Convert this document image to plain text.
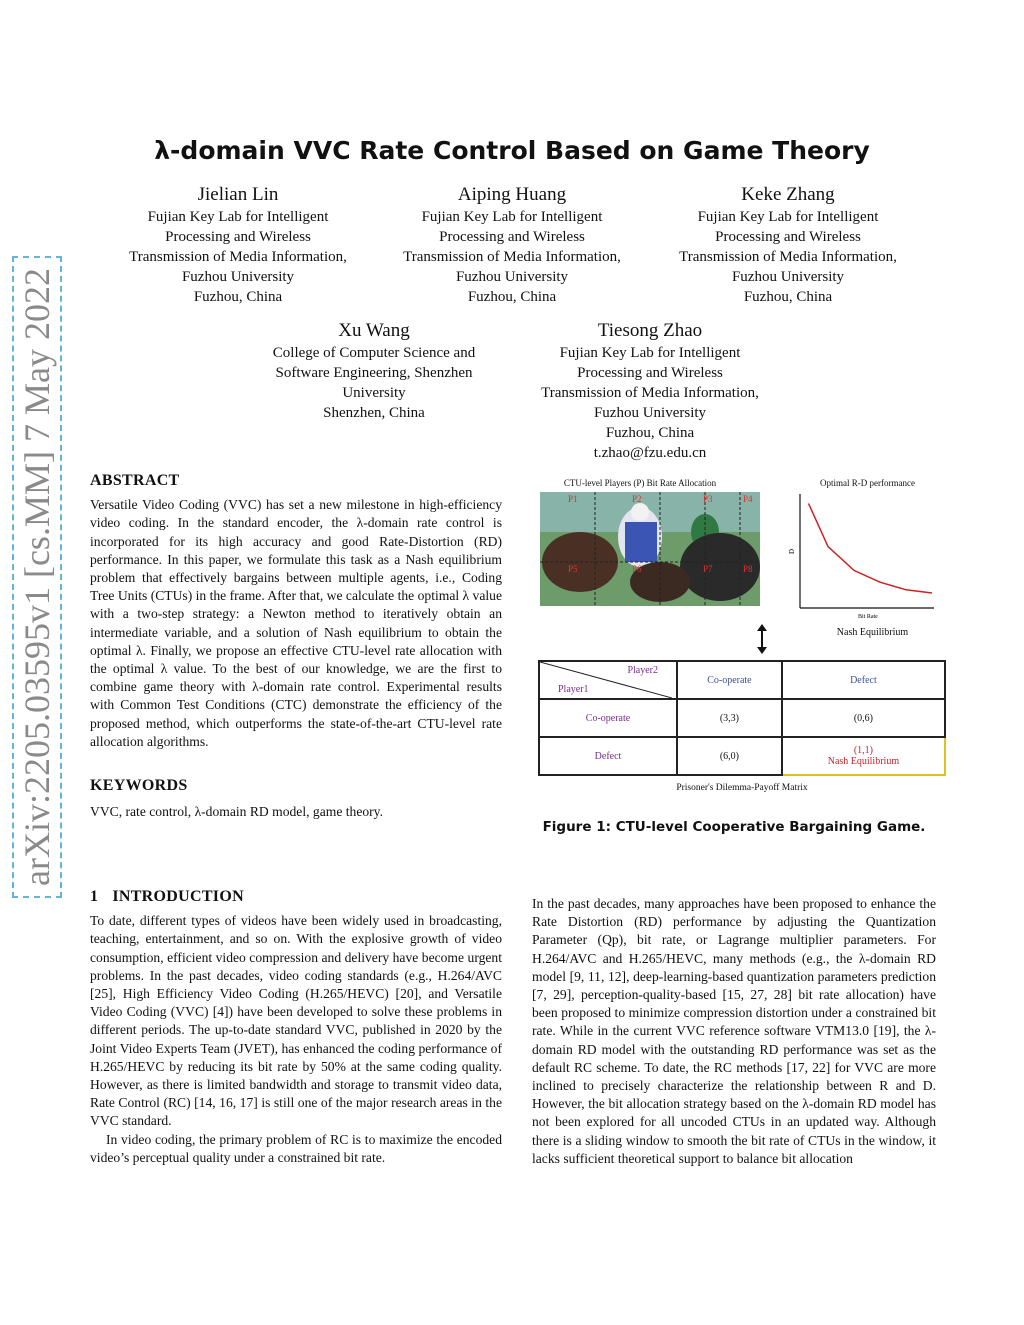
arXiv:2205.03595v1 [cs.MM] 7 May 2022
λ-domain VVC Rate Control Based on Game Theory
Jielian Lin
Fujian Key Lab for Intelligent
Processing and Wireless
Transmission of Media Information,
Fuzhou University
Fuzhou, China
Aiping Huang
Fujian Key Lab for Intelligent
Processing and Wireless
Transmission of Media Information,
Fuzhou University
Fuzhou, China
Keke Zhang
Fujian Key Lab for Intelligent
Processing and Wireless
Transmission of Media Information,
Fuzhou University
Fuzhou, China
Xu Wang
College of Computer Science and
Software Engineering, Shenzhen
University
Shenzhen, China
Tiesong Zhao
Fujian Key Lab for Intelligent
Processing and Wireless
Transmission of Media Information,
Fuzhou University
Fuzhou, China
t.zhao@fzu.edu.cn
ABSTRACT

Versatile Video Coding (VVC) has set a new milestone in high-efficiency video coding. In the standard encoder, the λ-domain rate control is incorporated for its high accuracy and good Rate-Distortion (RD) performance. In this paper, we formulate this task as a Nash equilibrium problem that effectively bargains between multiple agents, i.e., Coding Tree Units (CTUs) in the frame. After that, we calculate the optimal λ value with a two-step strategy: a Newton method to iteratively obtain an intermediate variable, and a solution of Nash equilibrium to obtain the optimal λ. Finally, we propose an effective CTU-level rate allocation with the optimal λ value. To the best of our knowledge, we are the first to combine game theory with λ-domain rate control. Experimental results with Common Test Conditions (CTC) demonstrate the efficiency of the proposed method, which outperforms the state-of-the-art CTU-level rate allocation algorithms.

KEYWORDS

VVC, rate control, λ-domain RD model, game theory.

CTU-level Players (P) Bit Rate Allocation
P1	P2	P3	P4
P5	P6	P7	P8
Optimal R-D performance
D
Bit Rate
Nash Equilibrium
Player2
Player1	Co-operate	Defect
Co-operate	(3,3)	(0,6)
Defect	(6,0)	(1,1)
Nash Equilibrium
Prisoner's Dilemma-Payoff Matrix
Figure 1: CTU-level Cooperative Bargaining Game.
1 INTRODUCTION

To date, different types of videos have been widely used in broadcasting, teaching, entertainment, and so on. With the explosive growth of video consumption, efficient video compression and delivery have become urgent problems. In the past decades, video coding standards (e.g., H.264/AVC [25], High Efficiency Video Coding (H.265/HEVC) [20], and Versatile Video Coding (VVC) [4]) have been developed to solve these problems in different periods. The up-to-date standard VVC, published in 2020 by the Joint Video Experts Team (JVET), has enhanced the coding performance of H.265/HEVC by reducing its bit rate by 50% at the same coding quality. However, as there is limited bandwidth and storage to transmit video data, Rate Control (RC) [14, 16, 17] is still one of the major research areas in the VVC standard.

In video coding, the primary problem of RC is to maximize the encoded video’s perceptual quality under a constrained bit rate.

In the past decades, many approaches have been proposed to enhance the Rate Distortion (RD) performance by adjusting the Quantization Parameter (Qp), bit rate, or Lagrange multiplier parameters. For H.264/AVC and H.265/HEVC, many methods (e.g., the λ-domain RD model [9, 11, 12], deep-learning-based quantization parameters prediction [7, 29], perception-quality-based [15, 27, 28] bit rate allocation) have been proposed to minimize compression distortion under a constrained bit rate. While in the current VVC reference software VTM13.0 [19], the λ-domain RD model with the outstanding RD performance was set as the default RC scheme. To date, the RC methods [17, 22] for VVC are more inclined to precisely characterize the relationship between R and D. However, the bit allocation strategy based on the λ-domain RD model has not been explored for all uncoded CTUs in an updated way. Although there is a sliding window to smooth the bit rate of CTUs in the window, it lacks sufficient theoretical support to balance bit allocation
